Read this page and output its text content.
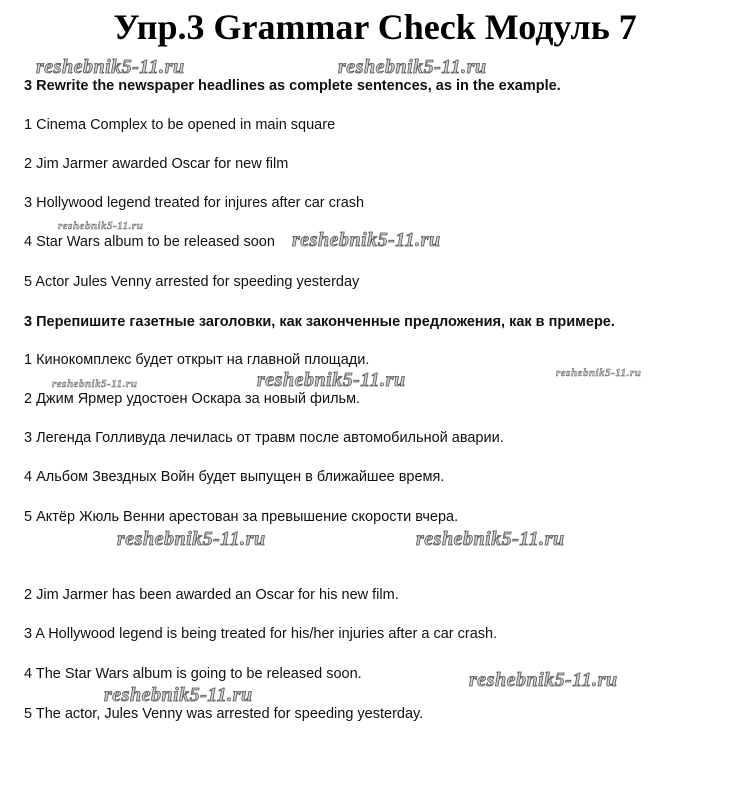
Упр.3 Grammar Check Модуль 7
reshebnik5-11.ru	reshebnik5-11.ru
reshebnik5-11.ru
reshebnik5-11.ru
reshebnik5-11.ru	reshebnik5-11.ru	reshebnik5-11.ru
reshebnik5-11.ru	reshebnik5-11.ru
reshebnik5-11.ru
reshebnik5-11.ru
3 Rewrite the newspaper headlines as complete sentences, as in the example.
1 Cinema Complex to be opened in main square
2 Jim Jarmer awarded Oscar for new film
3 Hollywood legend treated for injures after car crash
4 Star Wars album to be released soon
5 Actor Jules Venny arrested for speeding yesterday
3 Перепишите газетные заголовки, как законченные предложения, как в примере.
1 Кинокомплекс будет открыт на главной площади.
2 Джим Ярмер удостоен Оскара за новый фильм.
3 Легенда Голливуда лечилась от травм после автомобильной аварии.
4 Альбом Звездных Войн будет выпущен в ближайшее время.
5 Актёр Жюль Венни арестован за превышение скорости вчера.
2 Jim Jarmer has been awarded an Oscar for his new film.
3 A Hollywood legend is being treated for his/her injuries after a car crash.
4 The Star Wars album is going to be released soon.
5 The actor, Jules Venny was arrested for speeding yesterday.
